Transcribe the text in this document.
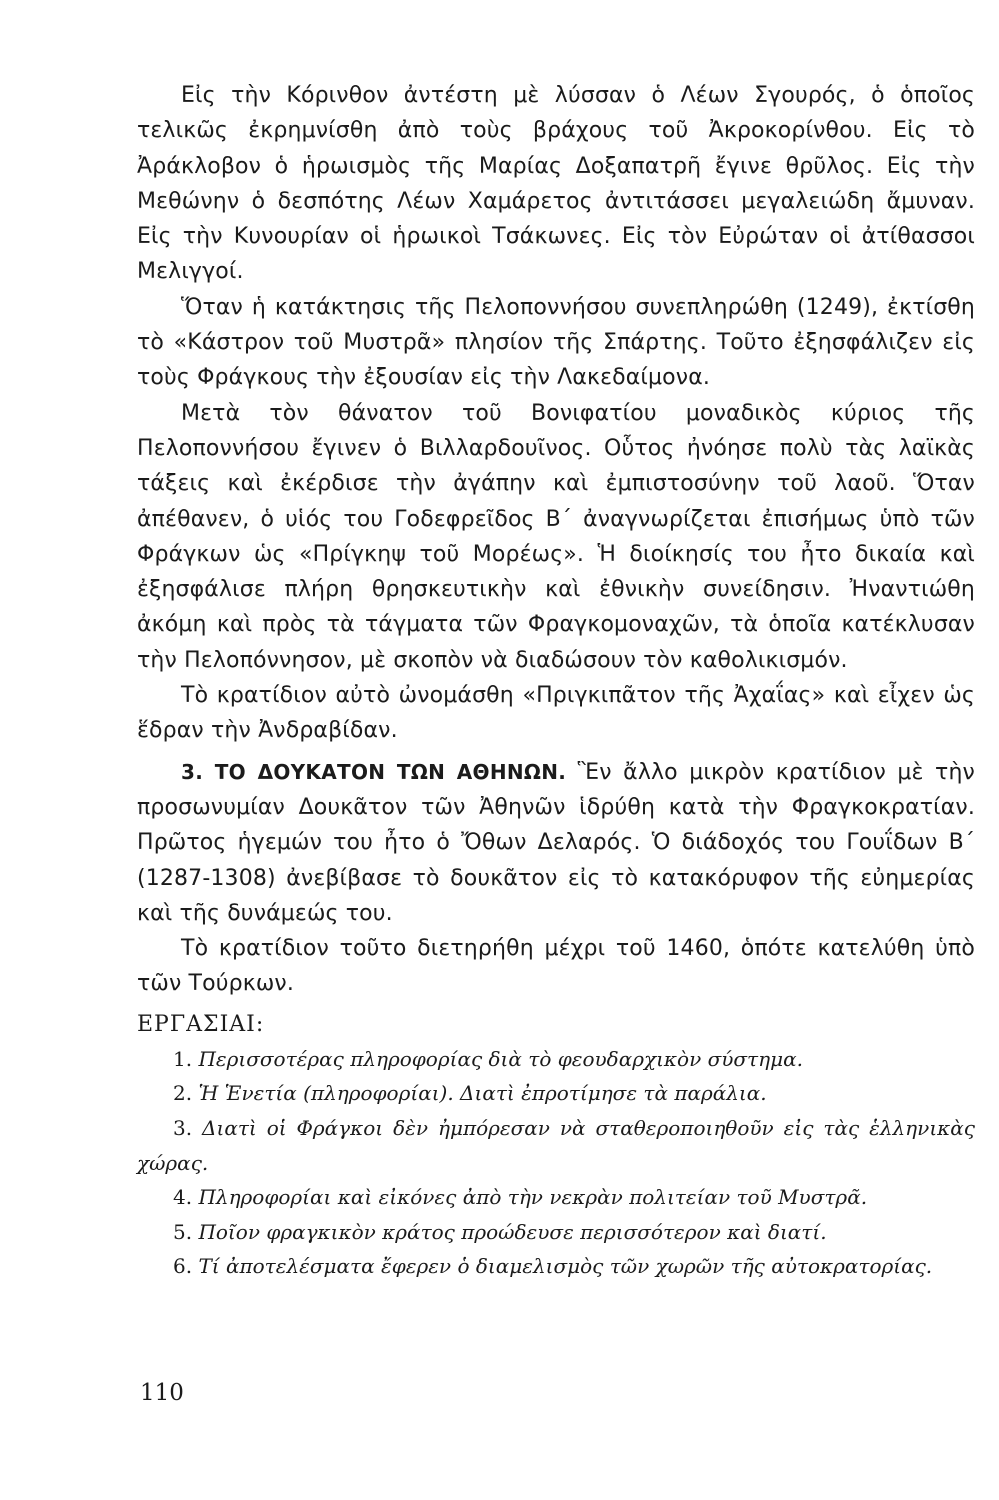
Εἰς τὴν Κόρινθον ἀντέστη μὲ λύσσαν ὁ Λέων Σγουρός, ὁ ὁποῖος τελικῶς ἐκρημνίσθη ἀπὸ τοὺς βράχους τοῦ Ἀκροκορίνθου. Εἰς τὸ Ἀράκλοβον ὁ ἡρωισμὸς τῆς Μαρίας Δοξαπατρῆ ἔγινε θρῦλος. Εἰς τὴν Μεθώνην ὁ δεσπότης Λέων Χαμάρετος ἀντιτάσσει μεγαλειώδη ἄμυναν. Εἰς τὴν Κυνουρίαν οἱ ἡρωικοὶ Τσάκωνες. Εἰς τὸν Εὐρώταν οἱ ἀτίθασσοι Μελιγγοί.

Ὅταν ἡ κατάκτησις τῆς Πελοποννήσου συνεπληρώθη (1249), ἐκτίσθη τὸ «Κάστρον τοῦ Μυστρᾶ» πλησίον τῆς Σπάρτης. Τοῦτο ἐξησφάλιζεν εἰς τοὺς Φράγκους τὴν ἐξουσίαν εἰς τὴν Λακεδαίμονα.

Μετὰ τὸν θάνατον τοῦ Βονιφατίου μοναδικὸς κύριος τῆς Πελοποννήσου ἔγινεν ὁ Βιλλαρδουῖνος. Οὗτος ἠνόησε πολὺ τὰς λαϊκὰς τάξεις καὶ ἐκέρδισε τὴν ἀγάπην καὶ ἐμπιστοσύνην τοῦ λαοῦ. Ὅταν ἀπέθανεν, ὁ υἱός του Γοδεφρεῖδος Β΄ ἀναγνωρίζεται ἐπισήμως ὑπὸ τῶν Φράγκων ὡς «Πρίγκηψ τοῦ Μορέως». Ἡ διοίκησίς του ἦτο δικαία καὶ ἐξησφάλισε πλήρη θρησκευτικὴν καὶ ἐθνικὴν συνείδησιν. Ἠναντιώθη ἀκόμη καὶ πρὸς τὰ τάγματα τῶν Φραγκομοναχῶν, τὰ ὁποῖα κατέκλυσαν τὴν Πελοπόννησον, μὲ σκοπὸν νὰ διαδώσουν τὸν καθολικισμόν.

Τὸ κρατίδιον αὐτὸ ὠνομάσθη «Πριγκιπᾶτον τῆς Ἀχαΐας» καὶ εἶχεν ὡς ἕδραν τὴν Ἀνδραβίδαν.

3. ΤΟ ΔΟΥΚΑΤΟΝ ΤΩΝ ΑΘΗΝΩΝ. Ἓν ἄλλο μικρὸν κρατίδιον μὲ τὴν προσωνυμίαν Δουκᾶτον τῶν Ἀθηνῶν ἱδρύθη κατὰ τὴν Φραγκοκρατίαν. Πρῶτος ἡγεμών του ἦτο ὁ Ὄθων Δελαρός. Ὁ διάδοχός του Γουΐδων Β΄ (1287-1308) ἀνεβίβασε τὸ δουκᾶτον εἰς τὸ κατακόρυφον τῆς εὐημερίας καὶ τῆς δυνάμεώς του.

Τὸ κρατίδιον τοῦτο διετηρήθη μέχρι τοῦ 1460, ὁπότε κατελύθη ὑπὸ τῶν Τούρκων.

ΕΡΓΑΣΙΑΙ:
1. Περισσοτέρας πληροφορίας διὰ τὸ φεουδαρχικὸν σύστημα.
2. Ἡ Ἑνετία (πληροφορίαι). Διατὶ ἐπροτίμησε τὰ παράλια.
3. Διατὶ οἱ Φράγκοι δὲν ἠμπόρεσαν νὰ σταθεροποιηθοῦν εἰς τὰς ἑλληνικὰς χώρας.
4. Πληροφορίαι καὶ εἰκόνες ἀπὸ τὴν νεκρὰν πολιτείαν τοῦ Μυστρᾶ.
5. Ποῖον φραγκικὸν κράτος προώδευσε περισσότερον καὶ διατί.
6. Τί ἀποτελέσματα ἔφερεν ὁ διαμελισμὸς τῶν χωρῶν τῆς αὐτοκρατορίας.
110
